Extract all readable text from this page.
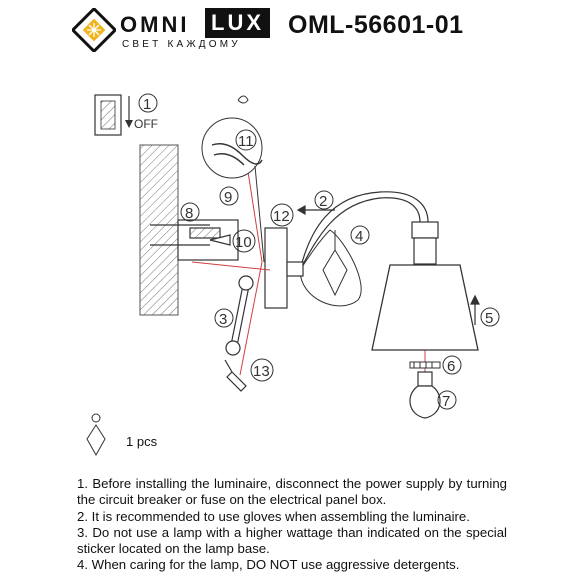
OMNI LUX
СВЕТ КАЖДОМУ
OML-56601-01
OFF
1
2
3
4
5
6
7
8
9
10
11
12
13
1 pcs

1. Before installing the luminaire, disconnect the power supply by turning the circuit breaker or fuse on the electrical panel box.

2. It is recommended to use gloves when assembling the luminaire.

3. Do not use a lamp with a higher wattage than indicated on the special sticker located on the lamp base.

4. When caring for the lamp, DO NOT use aggressive detergents.
